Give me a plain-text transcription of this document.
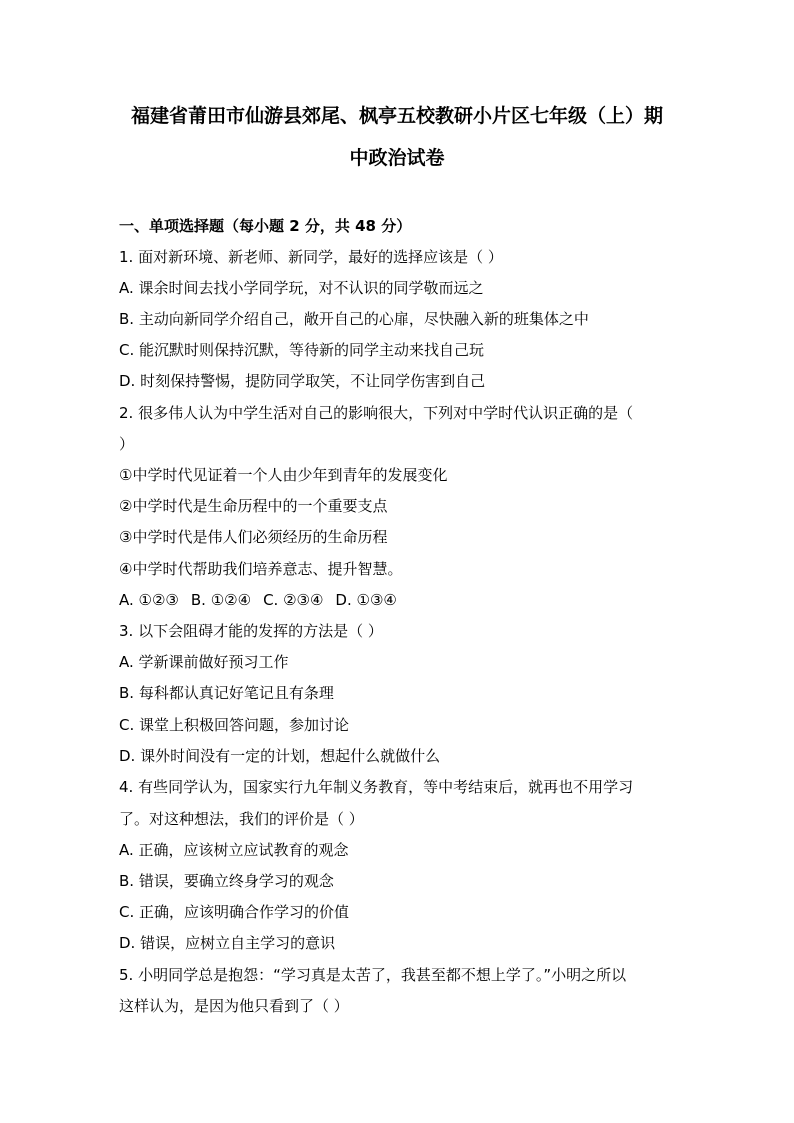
福建省莆田市仙游县郊尾、枫亭五校教研小片区七年级（上）期
中政治试卷
一、单项选择题（每小题 2 分，共 48 分）
1. 面对新环境、新老师、新同学，最好的选择应该是（ ）
A. 课余时间去找小学同学玩，对不认识的同学敬而远之
B. 主动向新同学介绍自己，敞开自己的心扉，尽快融入新的班集体之中
C. 能沉默时则保持沉默，等待新的同学主动来找自己玩
D. 时刻保持警惕，提防同学取笑，不让同学伤害到自己
2. 很多伟人认为中学生活对自己的影响很大，下列对中学时代认识正确的是（
）
①中学时代见证着一个人由少年到青年的发展变化
②中学时代是生命历程中的一个重要支点
③中学时代是伟人们必须经历的生命历程
④中学时代帮助我们培养意志、提升智慧。
A. ①②③ B. ①②④ C. ②③④ D. ①③④
3. 以下会阻碍才能的发挥的方法是（ ）
A. 学新课前做好预习工作
B. 每科都认真记好笔记且有条理
C. 课堂上积极回答问题，参加讨论
D. 课外时间没有一定的计划，想起什么就做什么
4. 有些同学认为，国家实行九年制义务教育，等中考结束后，就再也不用学习
了。对这种想法，我们的评价是（ ）
A. 正确，应该树立应试教育的观念
B. 错误，要确立终身学习的观念
C. 正确，应该明确合作学习的价值
D. 错误，应树立自主学习的意识
5. 小明同学总是抱怨：“学习真是太苦了，我甚至都不想上学了。”小明之所以
这样认为，是因为他只看到了（ ）
